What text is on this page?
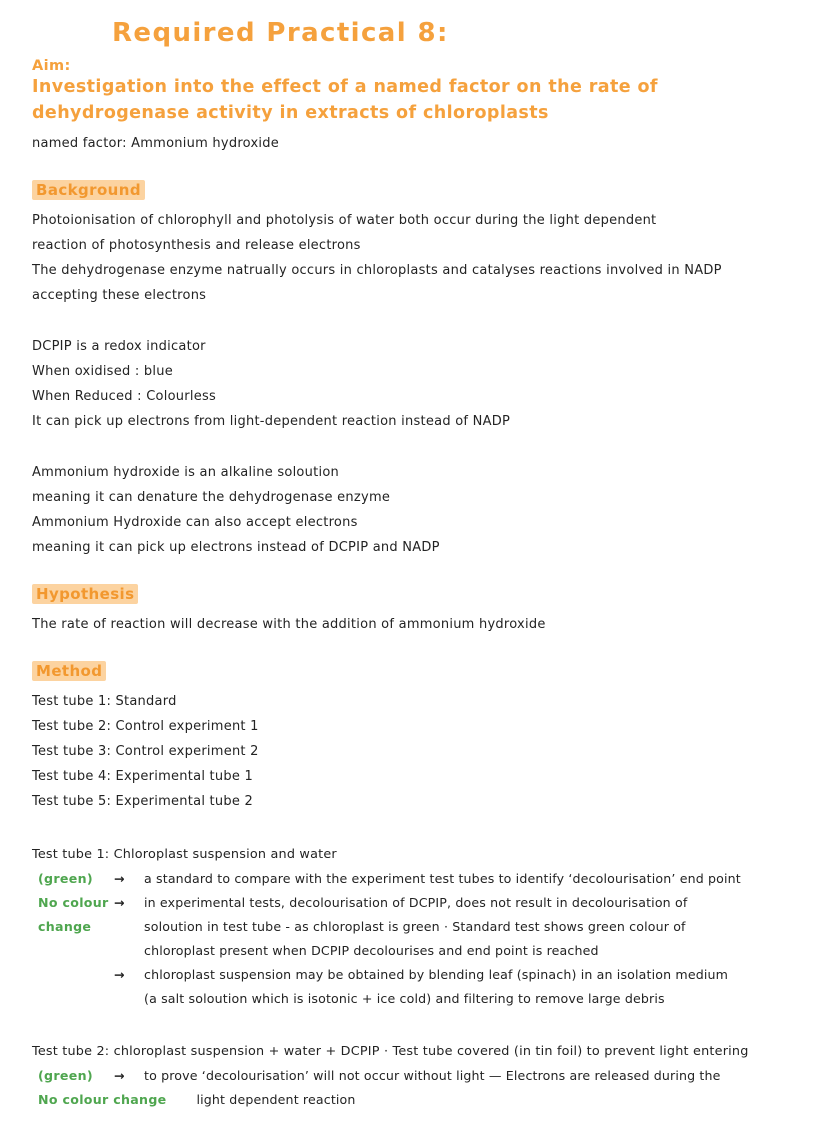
Required Practical 8:
Aim:
Investigation into the effect of a named factor on the rate of
dehydrogenase activity in extracts of chloroplasts
named factor: Ammonium hydroxide
Background
Photoionisation of chlorophyll and photolysis of water both occur during the light dependent
reaction of photosynthesis and release electrons
The dehydrogenase enzyme natrually occurs in chloroplasts and catalyses reactions involved in NADP
accepting these electrons
DCPIP is a redox indicator
When oxidised : blue
When Reduced : Colourless
It can pick up electrons from light-dependent reaction instead of NADP
Ammonium hydroxide is an alkaline soloution
meaning it can denature the dehydrogenase enzyme
Ammonium Hydroxide can also accept electrons
meaning it can pick up electrons instead of DCPIP and NADP
Hypothesis
The rate of reaction will decrease with the addition of ammonium hydroxide
Method
Test tube 1: Standard
Test tube 2: Control experiment 1
Test tube 3: Control experiment 2
Test tube 4: Experimental tube 1
Test tube 5: Experimental tube 2
Test tube 1: Chloroplast suspension and water
(green)	→	a standard to compare with the experiment test tubes to identify ‘decolourisation’ end point
No colour →	in experimental tests, decolourisation of DCPIP, does not result in decolourisation of
change	soloution in test tube - as chloroplast is green · Standard test shows green colour of
chloroplast present when DCPIP decolourises and end point is reached
→	chloroplast suspension may be obtained by blending leaf (spinach) in an isolation medium
(a salt soloution which is isotonic + ice cold) and filtering to remove large debris
Test tube 2: chloroplast suspension + water + DCPIP · Test tube covered (in tin foil) to prevent light entering
(green)	→	to prove ‘decolourisation’ will not occur without light — Electrons are released during the
No colour change light dependent reaction
